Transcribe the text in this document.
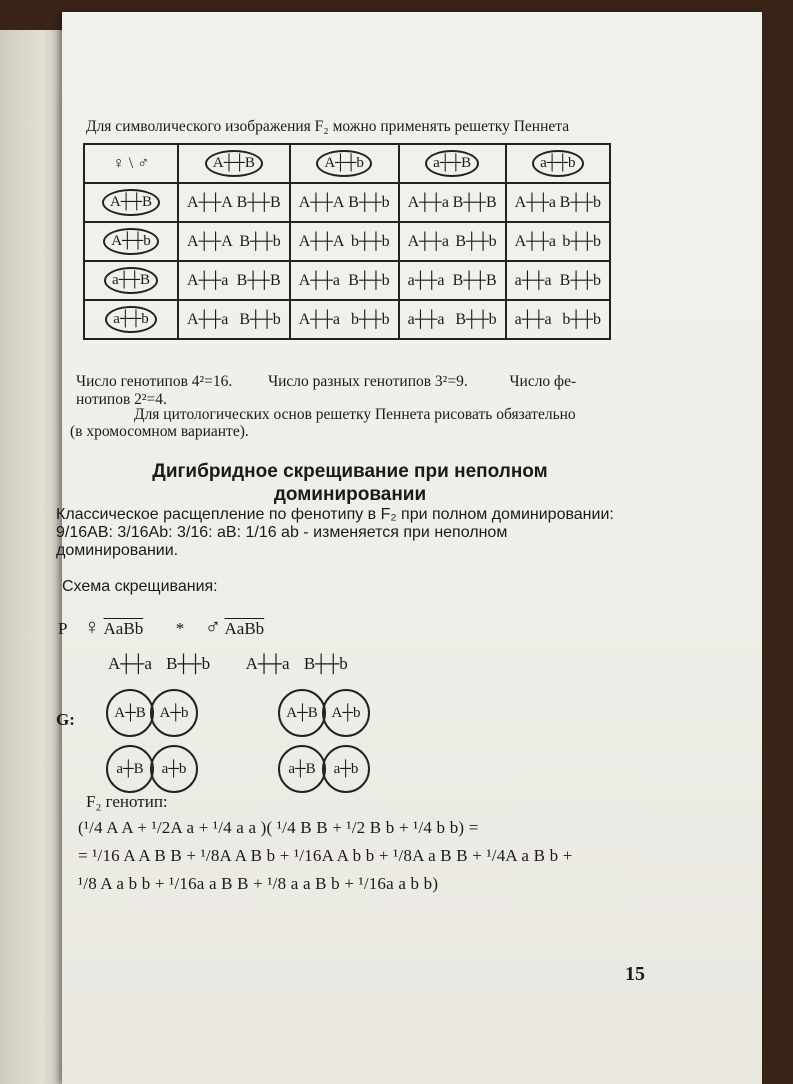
Для символического изображения F₂ можно применять решетку Пеннета
♀ \ ♂	A┼┼B	A┼┼b	a┼┼B	a┼┼b
A┼┼B	A┼┼A B┼┼B	A┼┼A B┼┼b	A┼┼a B┼┼B	A┼┼a B┼┼b

A┼┼b	A┼┼A B┼┼b	A┼┼A b┼┼b	A┼┼a B┼┼b	A┼┼a b┼┼b

a┼┼B	A┼┼a B┼┼B	A┼┼a B┼┼b	a┼┼a B┼┼B	a┼┼a B┼┼b

a┼┼b	A┼┼a B┼┼b	A┼┼a b┼┼b	a┼┼a B┼┼b	a┼┼a b┼┼b
Число генотипов 4²=16. Число разных генотипов 3²=9.	Число фе-
нотипов 2²=4.
Для цитологических основ решетку Пеннета рисовать обязательно
(в хромосомном варианте).
Дигибридное скрещивание при неполном
доминировании
Классическое расщепление по фенотипу в F₂ при полном доминировании: 9/16AB: 3/16Ab: 3/16: aB: 1/16 ab - изменяется при неполном доминировании.
Схема скрещивания:
P ♀ AaBb * ♂ AaBb
A┼┼a B┼┼b A┼┼a B┼┼b
G:	A┼B A┼b
a┼B	a┼b
A┼B A┼b
a┼B	a┼b
F₂ генотип:
(¹/4 A A + ¹/2A a + ¹/4 a a )( ¹/4 B B + ¹/2 B b + ¹/4 b b) =
= ¹/16 A A B B + ¹/8A A B b + ¹/16A A b b + ¹/8A a B B + ¹/4A a B b +
¹/8 A a b b + ¹/16a a B B + ¹/8 a a B b + ¹/16a a b b)
15
